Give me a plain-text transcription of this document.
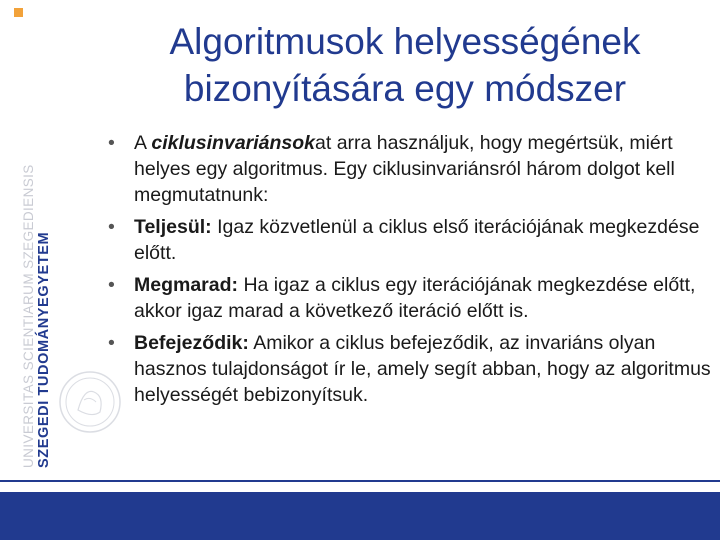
UNIVERSITAS SCIENTIARUM SZEGEDIENSIS SZEGEDI TUDOMÁNYEGYETEM
Algoritmusok helyességének
bizonyítására egy módszer
• A ciklusinvariánsokat arra használjuk, hogy megértsük, miért helyes egy algoritmus. Egy ciklusinvariánsról három dolgot kell megmutatnunk:
• Teljesül: Igaz közvetlenül a ciklus első iterációjának megkezdése előtt.
• Megmarad: Ha igaz a ciklus egy iterációjának megkezdése előtt, akkor igaz marad a következő iteráció előtt is.
• Befejeződik: Amikor a ciklus befejeződik, az invariáns olyan hasznos tulajdonságot ír le, amely segít abban, hogy az algoritmus helyességét bebizonyítsuk.
